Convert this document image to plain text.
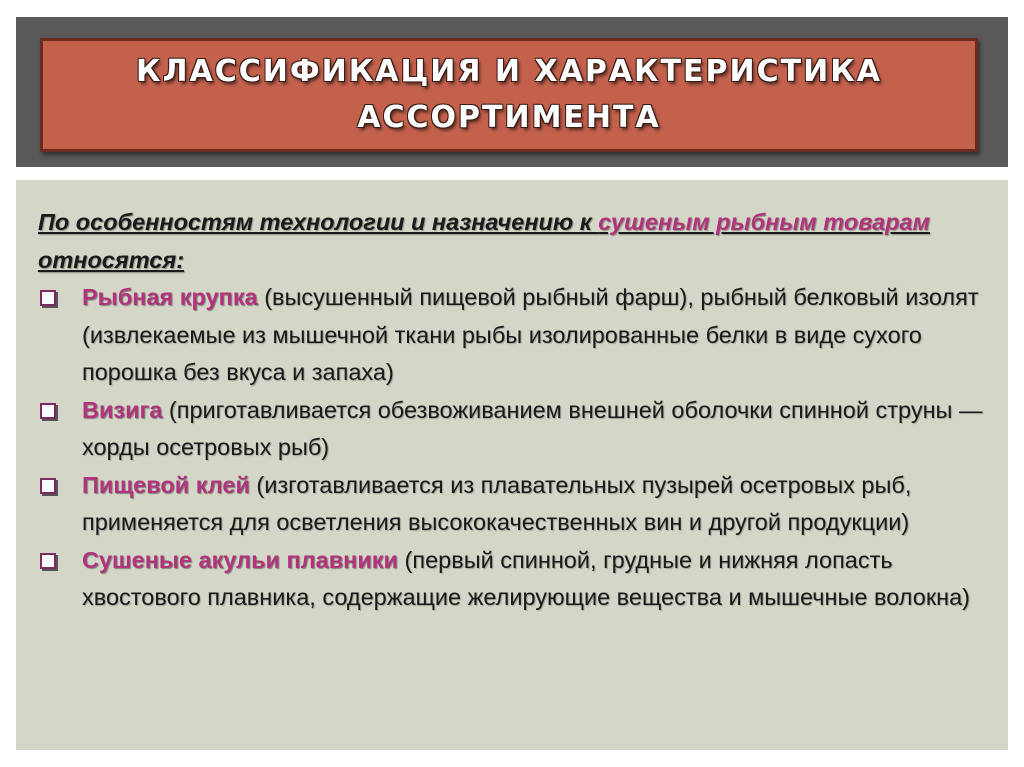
КЛАССИФИКАЦИЯ И ХАРАКТЕРИСТИКА АССОРТИМЕНТА
По особенностям технологии и назначению к сушеным рыбным товарам относятся:
Рыбная крупка (высушенный пищевой рыбный фарш), рыбный белковый изолят (извлекаемые из мышечной ткани рыбы изолированные белки в виде сухого порошка без вкуса и запаха)
Визига (приготавливается обезвоживанием внешней оболочки спинной струны — хорды осетровых рыб)
Пищевой клей (изготавливается из плавательных пузырей осетровых рыб, применяется для осветления высококачественных вин и другой продукции)
Сушеные акульи плавники (первый спинной, грудные и нижняя лопасть хвостового плавника, содержащие желирующие вещества и мышечные волокна)
